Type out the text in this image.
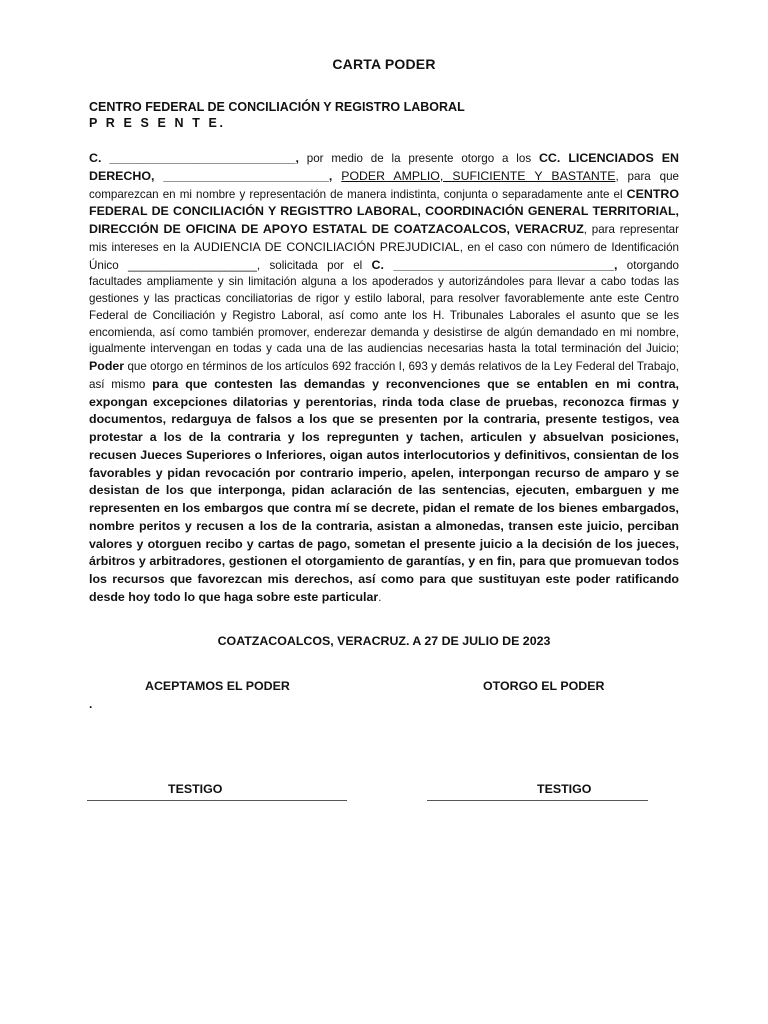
CARTA PODER
CENTRO FEDERAL DE CONCILIACIÓN Y REGISTRO LABORAL
P R E S E N T E.
C. ___________________________, por medio de la presente otorgo a los CC. LICENCIADOS EN DERECHO, ________________________, PODER AMPLIO, SUFICIENTE Y BASTANTE, para que comparezcan en mi nombre y representación de manera indistinta, conjunta o separadamente ante el CENTRO FEDERAL DE CONCILIACIÓN Y REGISTTRO LABORAL, COORDINACIÓN GENERAL TERRITORIAL, DIRECCIÓN DE OFICINA DE APOYO ESTATAL DE COATZACOALCOS, VERACRUZ, para representar mis intereses en la AUDIENCIA DE CONCILIACIÓN PREJUDICIAL, en el caso con número de Identificación Único ____________________, solicitada por el C. ________________________________, otorgando facultades ampliamente y sin limitación alguna a los apoderados y autorizándoles para llevar a cabo todas las gestiones y las practicas conciliatorias de rigor y estilo laboral, para resolver favorablemente ante este Centro Federal de Conciliación y Registro Laboral, así como ante los H. Tribunales Laborales el asunto que se les encomienda, así como también promover, enderezar demanda y desistirse de algún demandado en mi nombre, igualmente intervengan en todas y cada una de las audiencias necesarias hasta la total terminación del Juicio; Poder que otorgo en términos de los artículos 692 fracción I, 693 y demás relativos de la Ley Federal del Trabajo, así mismo para que contesten las demandas y reconvenciones que se entablen en mi contra, expongan excepciones dilatorias y perentorias, rinda toda clase de pruebas, reconozca firmas y documentos, redarguya de falsos a los que se presenten por la contraria, presente testigos, vea protestar a los de la contraria y los repregunten y tachen, articulen y absuelvan posiciones, recusen Jueces Superiores o Inferiores, oigan autos interlocutorios y definitivos, consientan de los favorables y pidan revocación por contrario imperio, apelen, interpongan recurso de amparo y se desistan de los que interponga, pidan aclaración de las sentencias, ejecuten, embarguen y me representen en los embargos que contra mí se decrete, pidan el remate de los bienes embargados, nombre peritos y recusen a los de la contraria, asistan a almonedas, transen este juicio, perciban valores y otorguen recibo y cartas de pago, sometan el presente juicio a la decisión de los jueces, árbitros y arbitradores, gestionen el otorgamiento de garantías, y en fin, para que promuevan todos los recursos que favorezcan mis derechos, así como para que sustituyan este poder ratificando desde hoy todo lo que haga sobre este particular.
COATZACOALCOS, VERACRUZ. A 27 DE JULIO DE 2023
ACEPTAMOS EL PODER	OTORGO EL PODER
.
TESTIGO	TESTIGO
